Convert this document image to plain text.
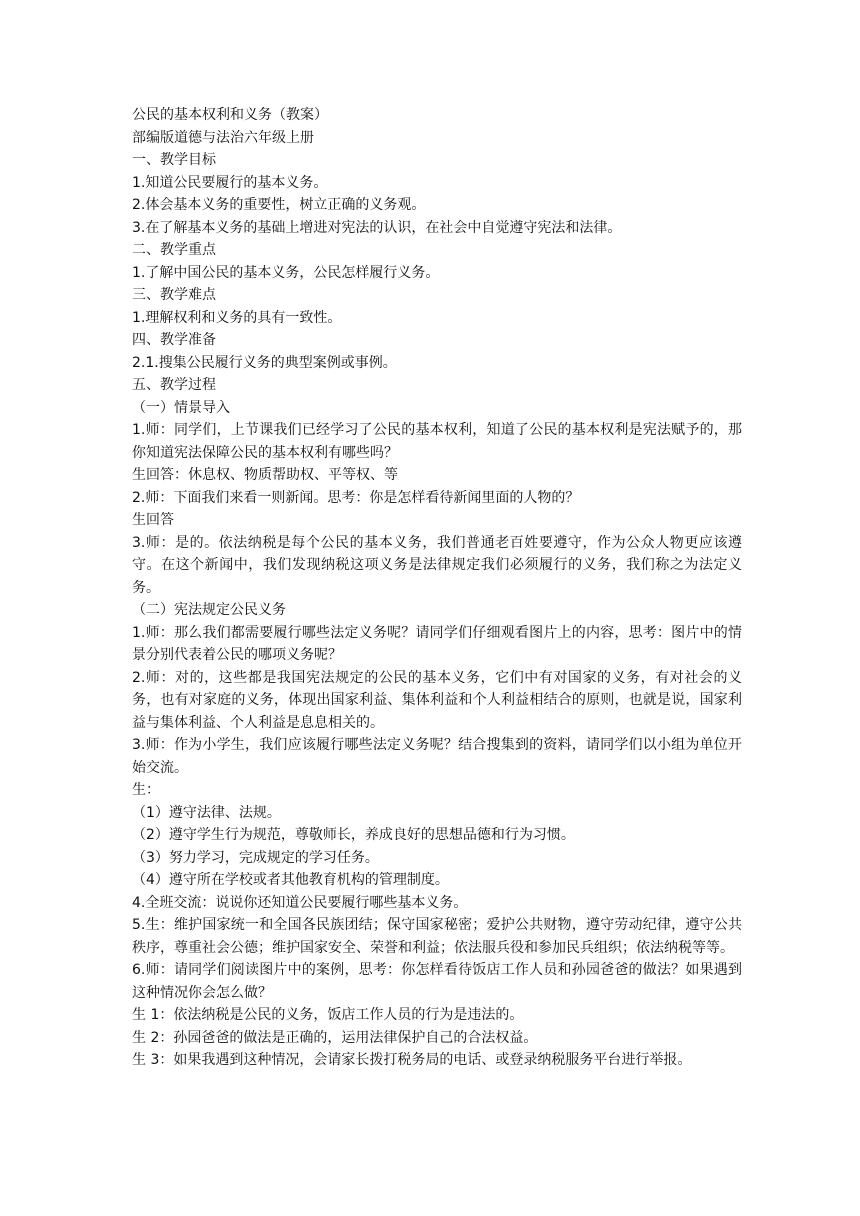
公民的基本权利和义务（教案）
部编版道德与法治六年级上册
一、教学目标
1.知道公民要履行的基本义务。
2.体会基本义务的重要性，树立正确的义务观。
3.在了解基本义务的基础上增进对宪法的认识，在社会中自觉遵守宪法和法律。
二、教学重点
1.了解中国公民的基本义务，公民怎样履行义务。
三、教学难点
1.理解权利和义务的具有一致性。
四、教学准备
2.1.搜集公民履行义务的典型案例或事例。
五、教学过程
（一）情景导入
1.师：同学们，上节课我们已经学习了公民的基本权利，知道了公民的基本权利是宪法赋予的，那你知道宪法保障公民的基本权利有哪些吗？
生回答：休息权、物质帮助权、平等权、等
2.师：下面我们来看一则新闻。思考：你是怎样看待新闻里面的人物的？
生回答
3.师：是的。依法纳税是每个公民的基本义务，我们普通老百姓要遵守，作为公众人物更应该遵守。在这个新闻中，我们发现纳税这项义务是法律规定我们必须履行的义务，我们称之为法定义务。
（二）宪法规定公民义务
1.师：那么我们都需要履行哪些法定义务呢？请同学们仔细观看图片上的内容，思考：图片中的情景分别代表着公民的哪项义务呢？
2.师：对的，这些都是我国宪法规定的公民的基本义务，它们中有对国家的义务，有对社会的义务，也有对家庭的义务，体现出国家利益、集体利益和个人利益相结合的原则，也就是说，国家利益与集体利益、个人利益是息息相关的。
3.师：作为小学生，我们应该履行哪些法定义务呢？结合搜集到的资料，请同学们以小组为单位开始交流。
生：
（1）遵守法律、法规。
（2）遵守学生行为规范，尊敬师长，养成良好的思想品德和行为习惯。
（3）努力学习，完成规定的学习任务。
（4）遵守所在学校或者其他教育机构的管理制度。
4.全班交流：说说你还知道公民要履行哪些基本义务。
5.生：维护国家统一和全国各民族团结；保守国家秘密；爱护公共财物，遵守劳动纪律，遵守公共秩序，尊重社会公德；维护国家安全、荣誉和利益；依法服兵役和参加民兵组织；依法纳税等等。
6.师：请同学们阅读图片中的案例，思考：你怎样看待饭店工作人员和孙园爸爸的做法？如果遇到这种情况你会怎么做？
生 1：依法纳税是公民的义务，饭店工作人员的行为是违法的。
生 2：孙园爸爸的做法是正确的，运用法律保护自己的合法权益。
生 3：如果我遇到这种情况，会请家长拨打税务局的电话、或登录纳税服务平台进行举报。
